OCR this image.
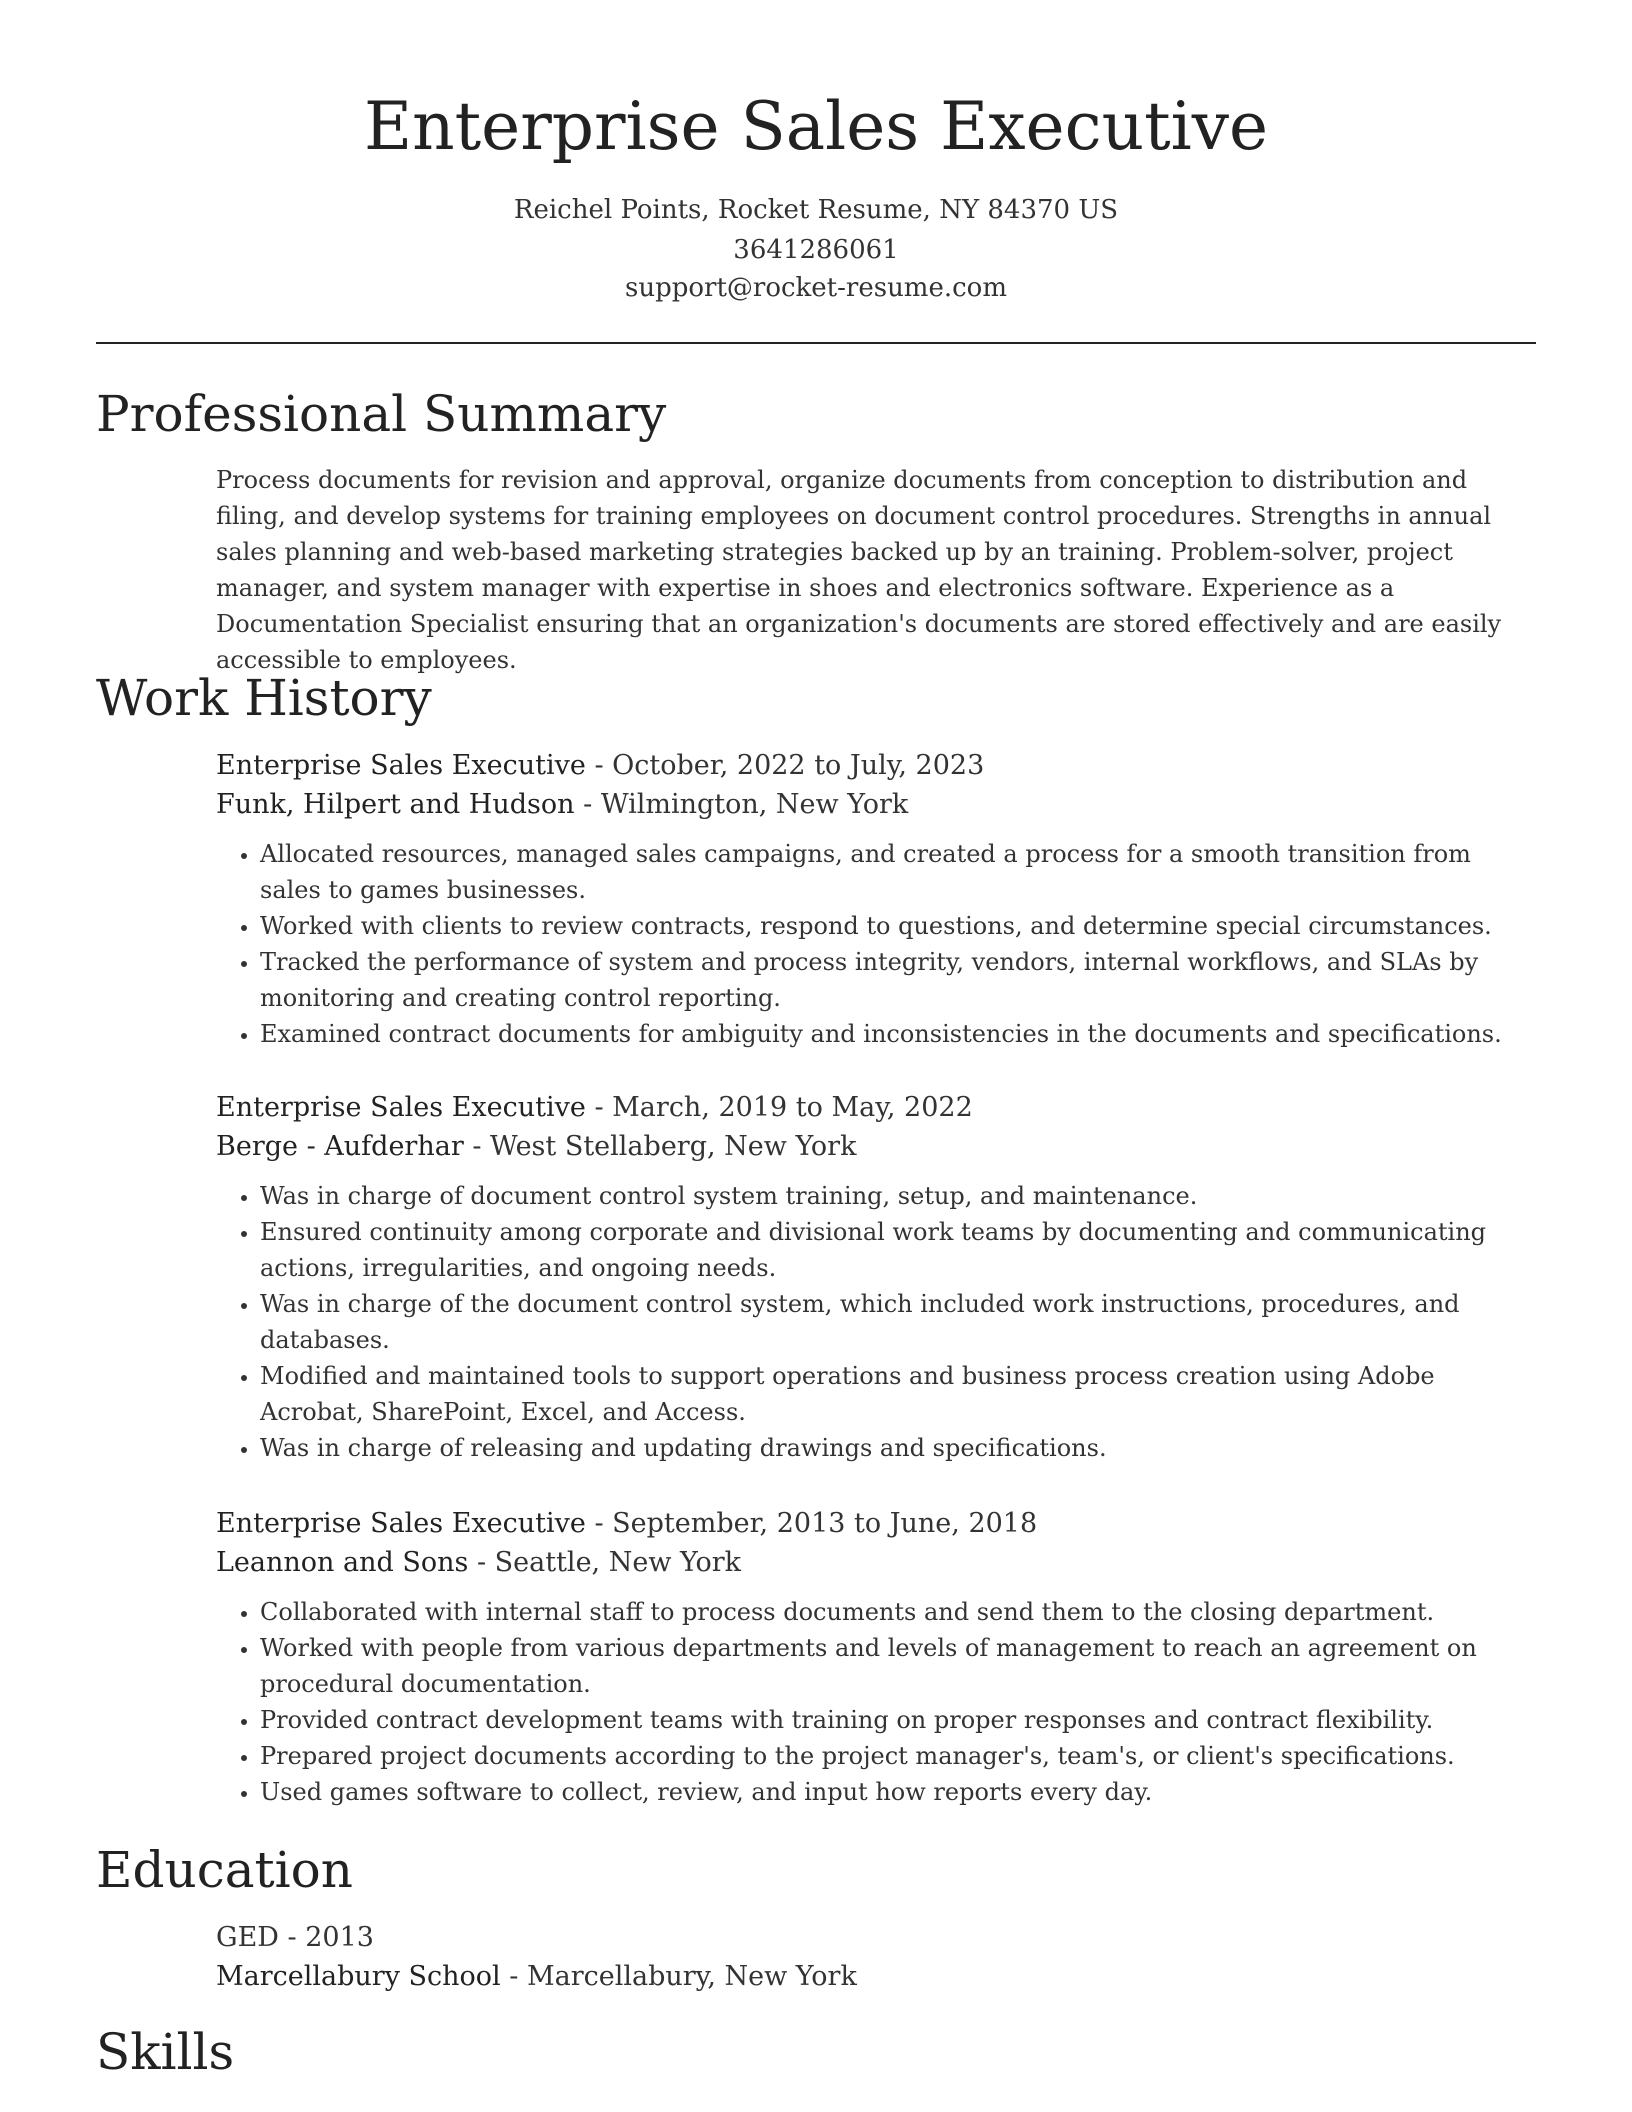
Enterprise Sales Executive
Reichel Points, Rocket Resume, NY 84370 US
3641286061
support@rocket-resume.com
Professional Summary

Process documents for revision and approval, organize documents from conception to distribution and filing, and develop systems for training employees on document control procedures. Strengths in annual sales planning and web-based marketing strategies backed up by an training. Problem-solver, project manager, and system manager with expertise in shoes and electronics software. Experience as a Documentation Specialist ensuring that an organization's documents are stored effectively and are easily accessible to employees.

Work History
Enterprise Sales Executive - October, 2022 to July, 2023
Funk, Hilpert and Hudson - Wilmington, New York
• Allocated resources, managed sales campaigns, and created a process for a smooth transition from sales to games businesses.
• Worked with clients to review contracts, respond to questions, and determine special circumstances.
• Tracked the performance of system and process integrity, vendors, internal workflows, and SLAs by monitoring and creating control reporting.
• Examined contract documents for ambiguity and inconsistencies in the documents and specifications.
Enterprise Sales Executive - March, 2019 to May, 2022
Berge - Aufderhar - West Stellaberg, New York
• Was in charge of document control system training, setup, and maintenance.
• Ensured continuity among corporate and divisional work teams by documenting and communicating actions, irregularities, and ongoing needs.
• Was in charge of the document control system, which included work instructions, procedures, and databases.
• Modified and maintained tools to support operations and business process creation using Adobe Acrobat, SharePoint, Excel, and Access.
• Was in charge of releasing and updating drawings and specifications.
Enterprise Sales Executive - September, 2013 to June, 2018
Leannon and Sons - Seattle, New York
• Collaborated with internal staff to process documents and send them to the closing department.
• Worked with people from various departments and levels of management to reach an agreement on procedural documentation.
• Provided contract development teams with training on proper responses and contract flexibility.
• Prepared project documents according to the project manager's, team's, or client's specifications.
• Used games software to collect, review, and input how reports every day.
Education
GED - 2013
Marcellabury School - Marcellabury, New York
Skills
